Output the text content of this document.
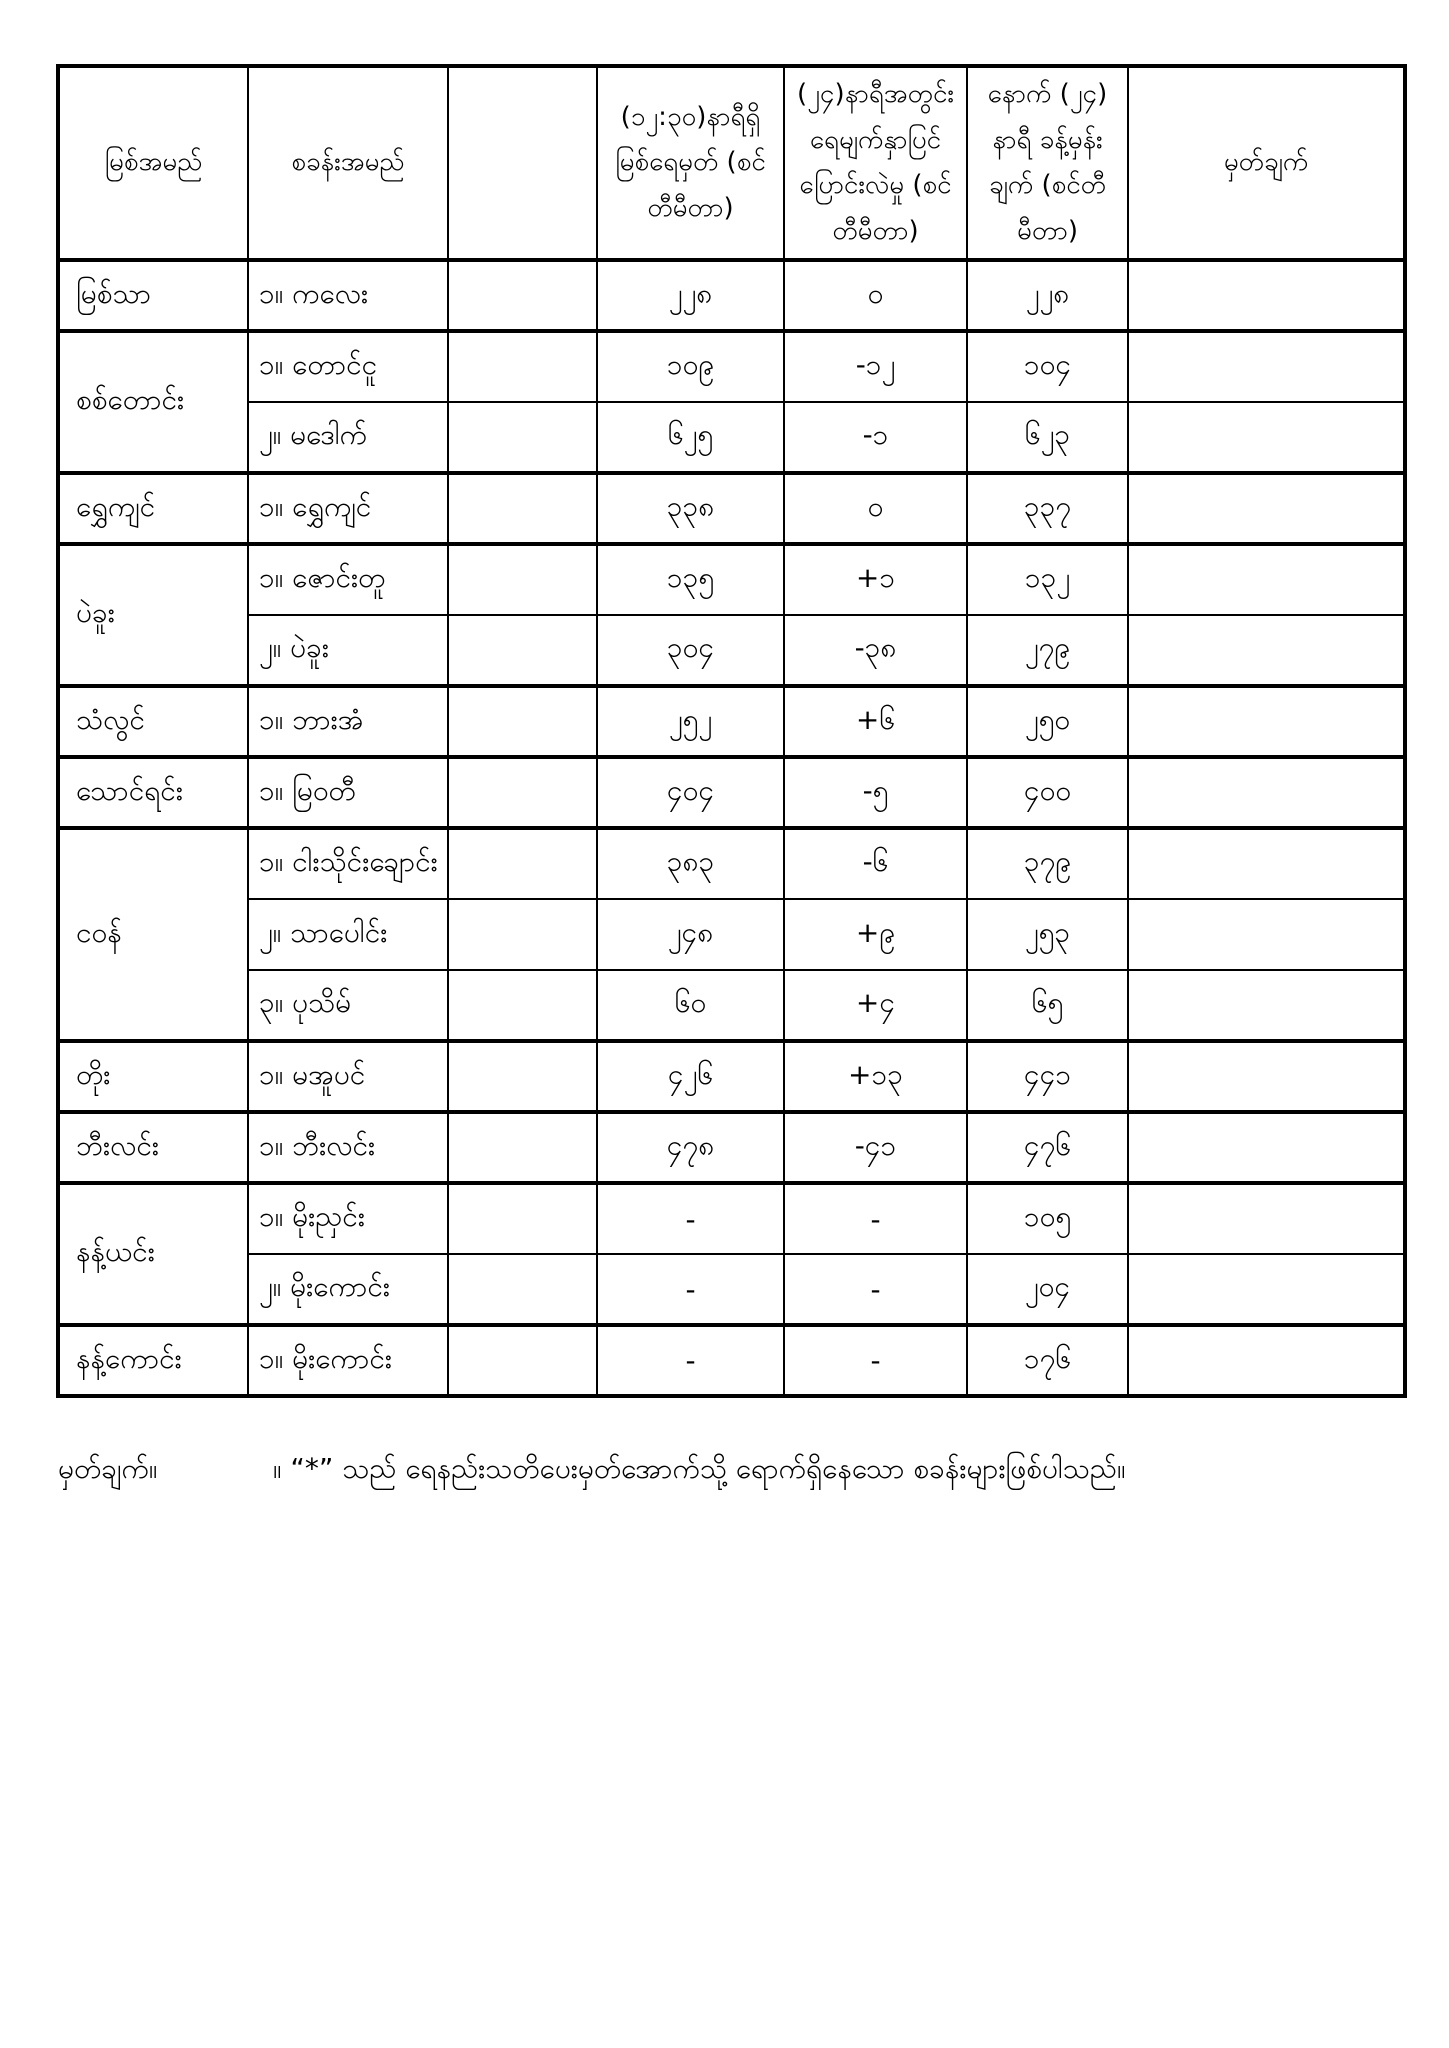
မြစ်အမည်	စခန်းအမည်		(၁၂:၃၀)နာရီရှိ မြစ်ရေမှတ် (စင်တီမီတာ)	(၂၄)နာရီအတွင်း ရေမျက်နှာပြင် ပြောင်းလဲမှု (စင်တီမီတာ)	နောက် (၂၄) နာရီ ခန့်မှန်းချက် (စင်တီမီတာ)	မှတ်ချက်
မြစ်သာ	၁။ ကလေး		၂၂၈	၀	၂၂၈	
စစ်တောင်း	၁။ တောင်ငူ		၁၀၉	-၁၂	၁၀၄	
	၂။ မဒေါက်		၆၂၅	-၁	၆၂၃	
ရွှေကျင်	၁။ ရွှေကျင်		၃၃၈	၀	၃၃၇	
ပဲခူး	၁။ ဇောင်းတူ		၁၃၅	+၁	၁၃၂	
	၂။ ပဲခူး		၃၀၄	-၃၈	၂၇၉	
သံလွင်	၁။ ဘားအံ		၂၅၂	+၆	၂၅၀	
သောင်ရင်း	၁။ မြဝတီ		၄၀၄	-၅	၄၀၀	
ငဝန်	၁။ ငါးသိုင်းချောင်း		၃၈၃	-၆	၃၇၉	
	၂။ သာပေါင်း		၂၄၈	+၉	၂၅၃	
	၃။ ပုသိမ်		၆၀	+၄	၆၅	
တိုး	၁။ မအူပင်		၄၂၆	+၁၃	၄၄၁	
ဘီးလင်း	၁။ ဘီးလင်း		၄၇၈	-၄၁	၄၇၆	
နန့်ယင်း	၁။ မိုးညှင်း		-	-	၁၀၅	
	၂။ မိုးကောင်း		-	-	၂၀၄	
နန့်ကောင်း	၁။ မိုးကောင်း		-	-	၁၇၆	
မှတ်ချက်။	။ “*” သည် ရေနည်းသတိပေးမှတ်အောက်သို့ ရောက်ရှိနေသော စခန်းများဖြစ်ပါသည်။
